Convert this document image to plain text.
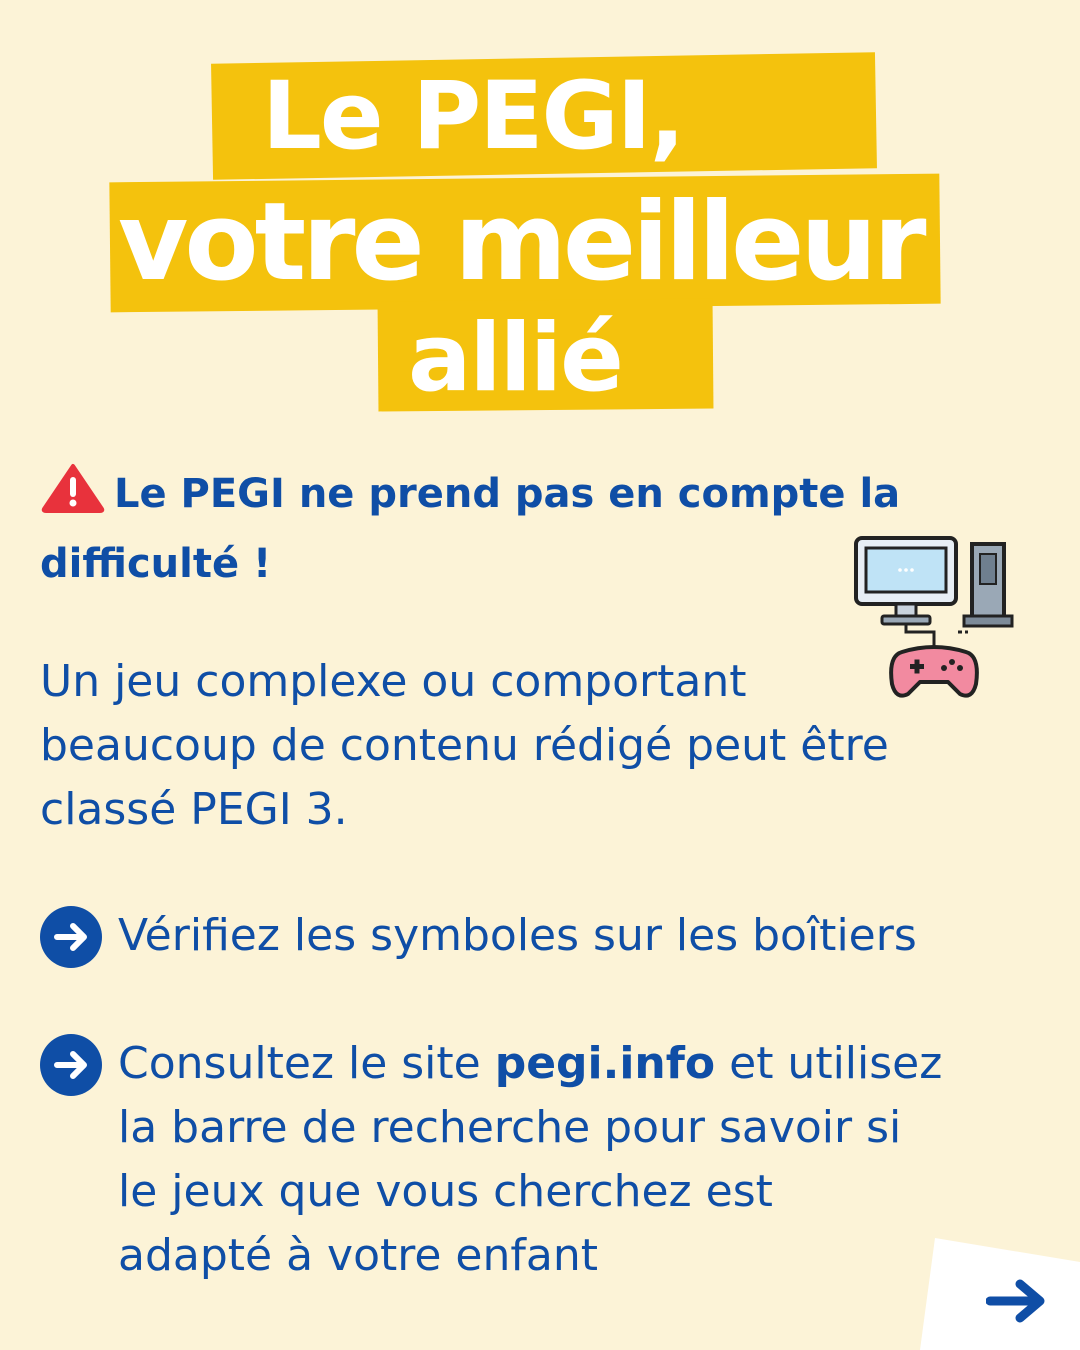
Le PEGI,
votre meilleur
allié
Le PEGI ne prend pas en compte la difficulté !
Un jeu complexe ou comportant
beaucoup de contenu rédigé peut être
classé PEGI 3.
Vérifiez les symboles sur les boîtiers
Consultez le site pegi.info et utilisez
la barre de recherche pour savoir si
le jeux que vous cherchez est
adapté à votre enfant
